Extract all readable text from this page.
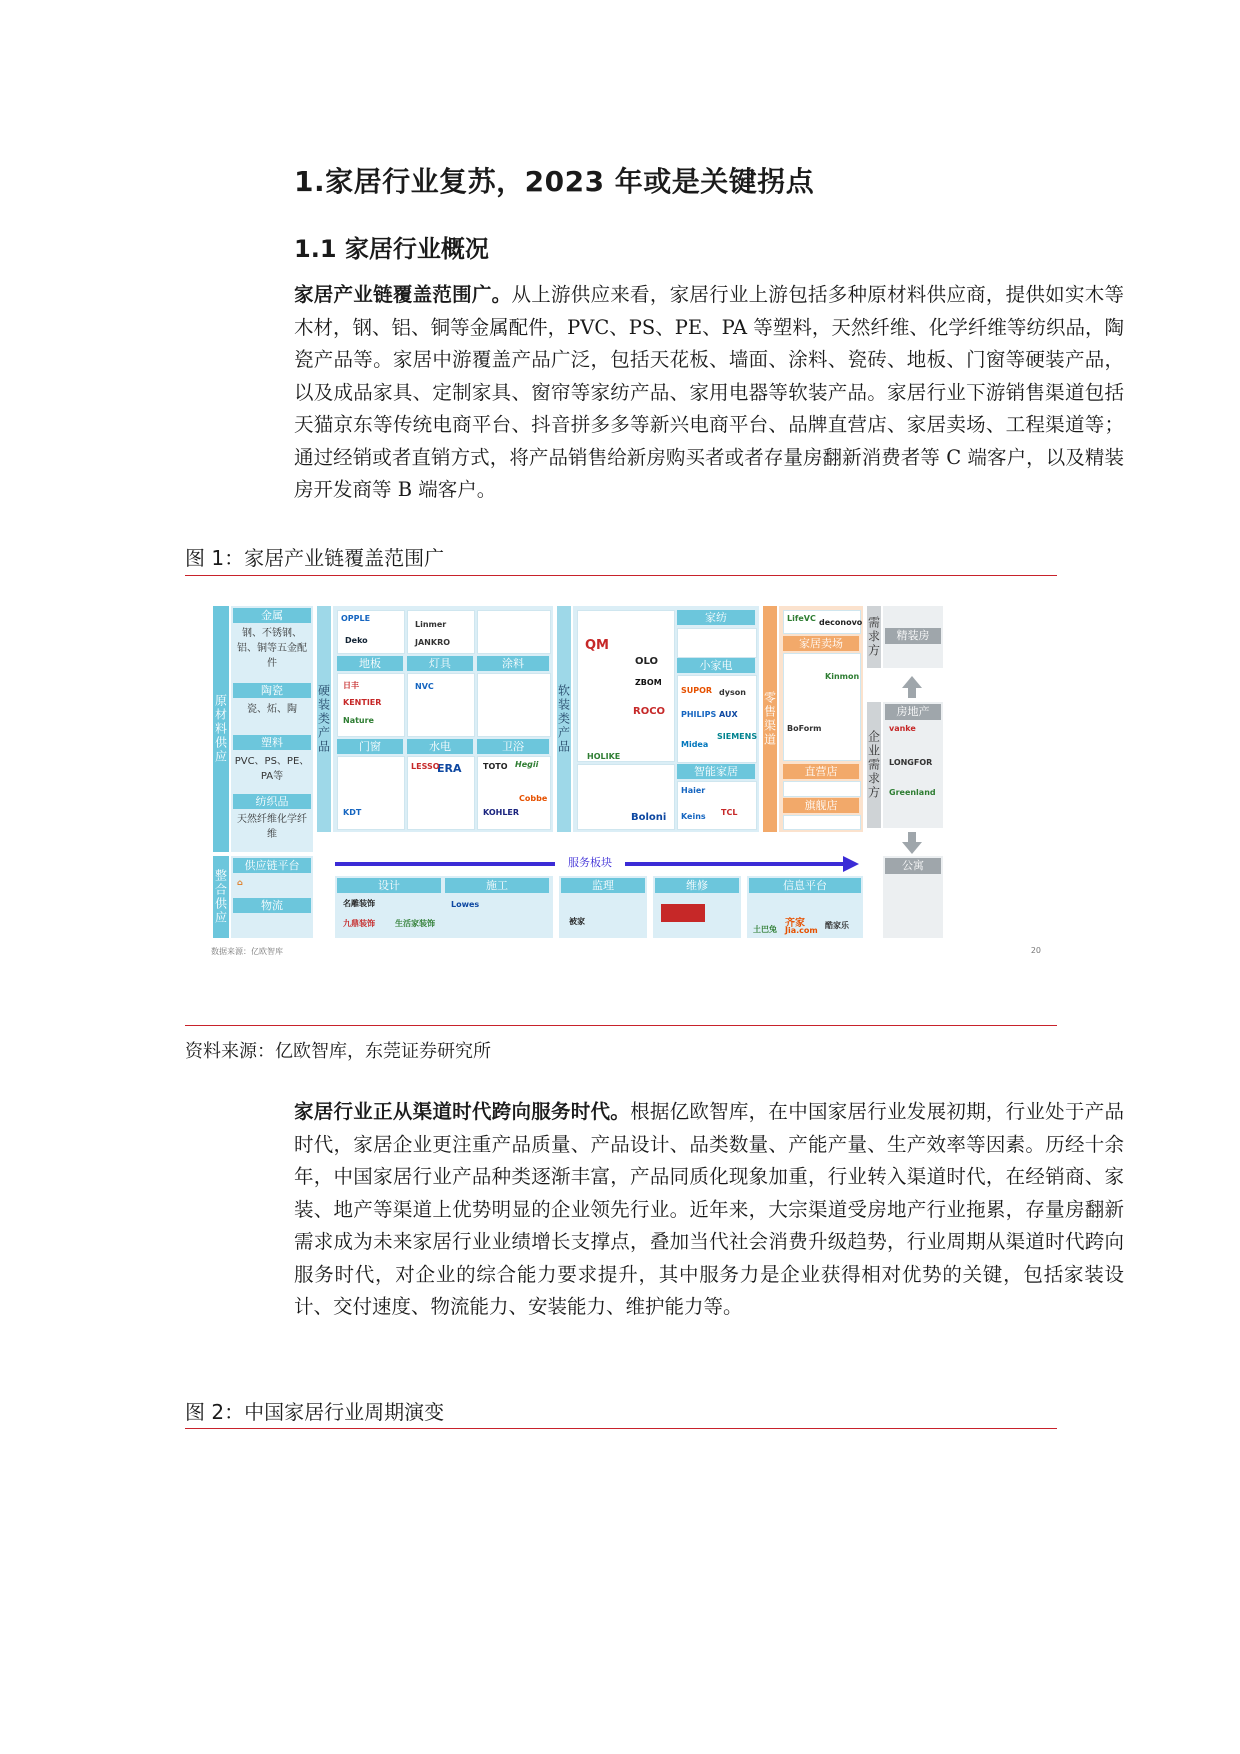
1.家居行业复苏，2023 年或是关键拐点
1.1 家居行业概况

家居产业链覆盖范围广。从上游供应来看，家居行业上游包括多种原材料供应商，提供如实木等木材，钢、铝、铜等金属配件，PVC、PS、PE、PA 等塑料，天然纤维、化学纤维等纺织品，陶瓷产品等。家居中游覆盖产品广泛，包括天花板、墙面、涂料、瓷砖、地板、门窗等硬装产品，以及成品家具、定制家具、窗帘等家纺产品、家用电器等软装产品。家居行业下游销售渠道包括天猫京东等传统电商平台、抖音拼多多等新兴电商平台、品牌直营店、家居卖场、工程渠道等；通过经销或者直销方式，将产品销售给新房购买者或者存量房翻新消费者等 C 端客户，以及精装房开发商等 B 端客户。

图 1：家居产业链覆盖范围广
原材料供应
金属
钢、不锈钢、铝、铜等五金配件
陶瓷
瓷、炻、陶
塑料
PVC、PS、PE、PA等
纺织品
天然纤维化学纤维
整合供应
供应链平台
物流
⌂
硬装类产品
地板	灯具	涂料
门窗	水电	卫浴
OPPLE
Deko
Linmer
JANKRO
NVC
KENTIER
Nature
ERA
LESSO	TOTO Hegii
KOHLER
Cobbe
KDT
日丰	软装类产品
家纺
小家电
智能家居
QM
OLO
ZBOM
ROCO
SUPOR dyson
PHILIPS AUX
Midea
SIEMENS
Haier
TCL
Boloni Keins
HOLIKE
零售渠道
家居卖场
直营店
旗舰店
LifeVC deconovo
Kinmon
BoForm
需求方	精装房
企业需求方
房地产
vanke
LONGFOR
Greenland
公寓
服务板块
设计	施工
名雕装饰
九鼎装饰	生活家装饰
Lowes
监理
被家
维修	信息平台
土巴兔
齐家
Jia.com
酷家乐
数据来源：亿欧智库	20
资料来源：亿欧智库，东莞证券研究所

家居行业正从渠道时代跨向服务时代。根据亿欧智库，在中国家居行业发展初期，行业处于产品时代，家居企业更注重产品质量、产品设计、品类数量、产能产量、生产效率等因素。历经十余年，中国家居行业产品种类逐渐丰富，产品同质化现象加重，行业转入渠道时代，在经销商、家装、地产等渠道上优势明显的企业领先行业。近年来，大宗渠道受房地产行业拖累，存量房翻新需求成为未来家居行业业绩增长支撑点，叠加当代社会消费升级趋势，行业周期从渠道时代跨向服务时代，对企业的综合能力要求提升，其中服务力是企业获得相对优势的关键，包括家装设计、交付速度、物流能力、安装能力、维护能力等。

图 2：中国家居行业周期演变
